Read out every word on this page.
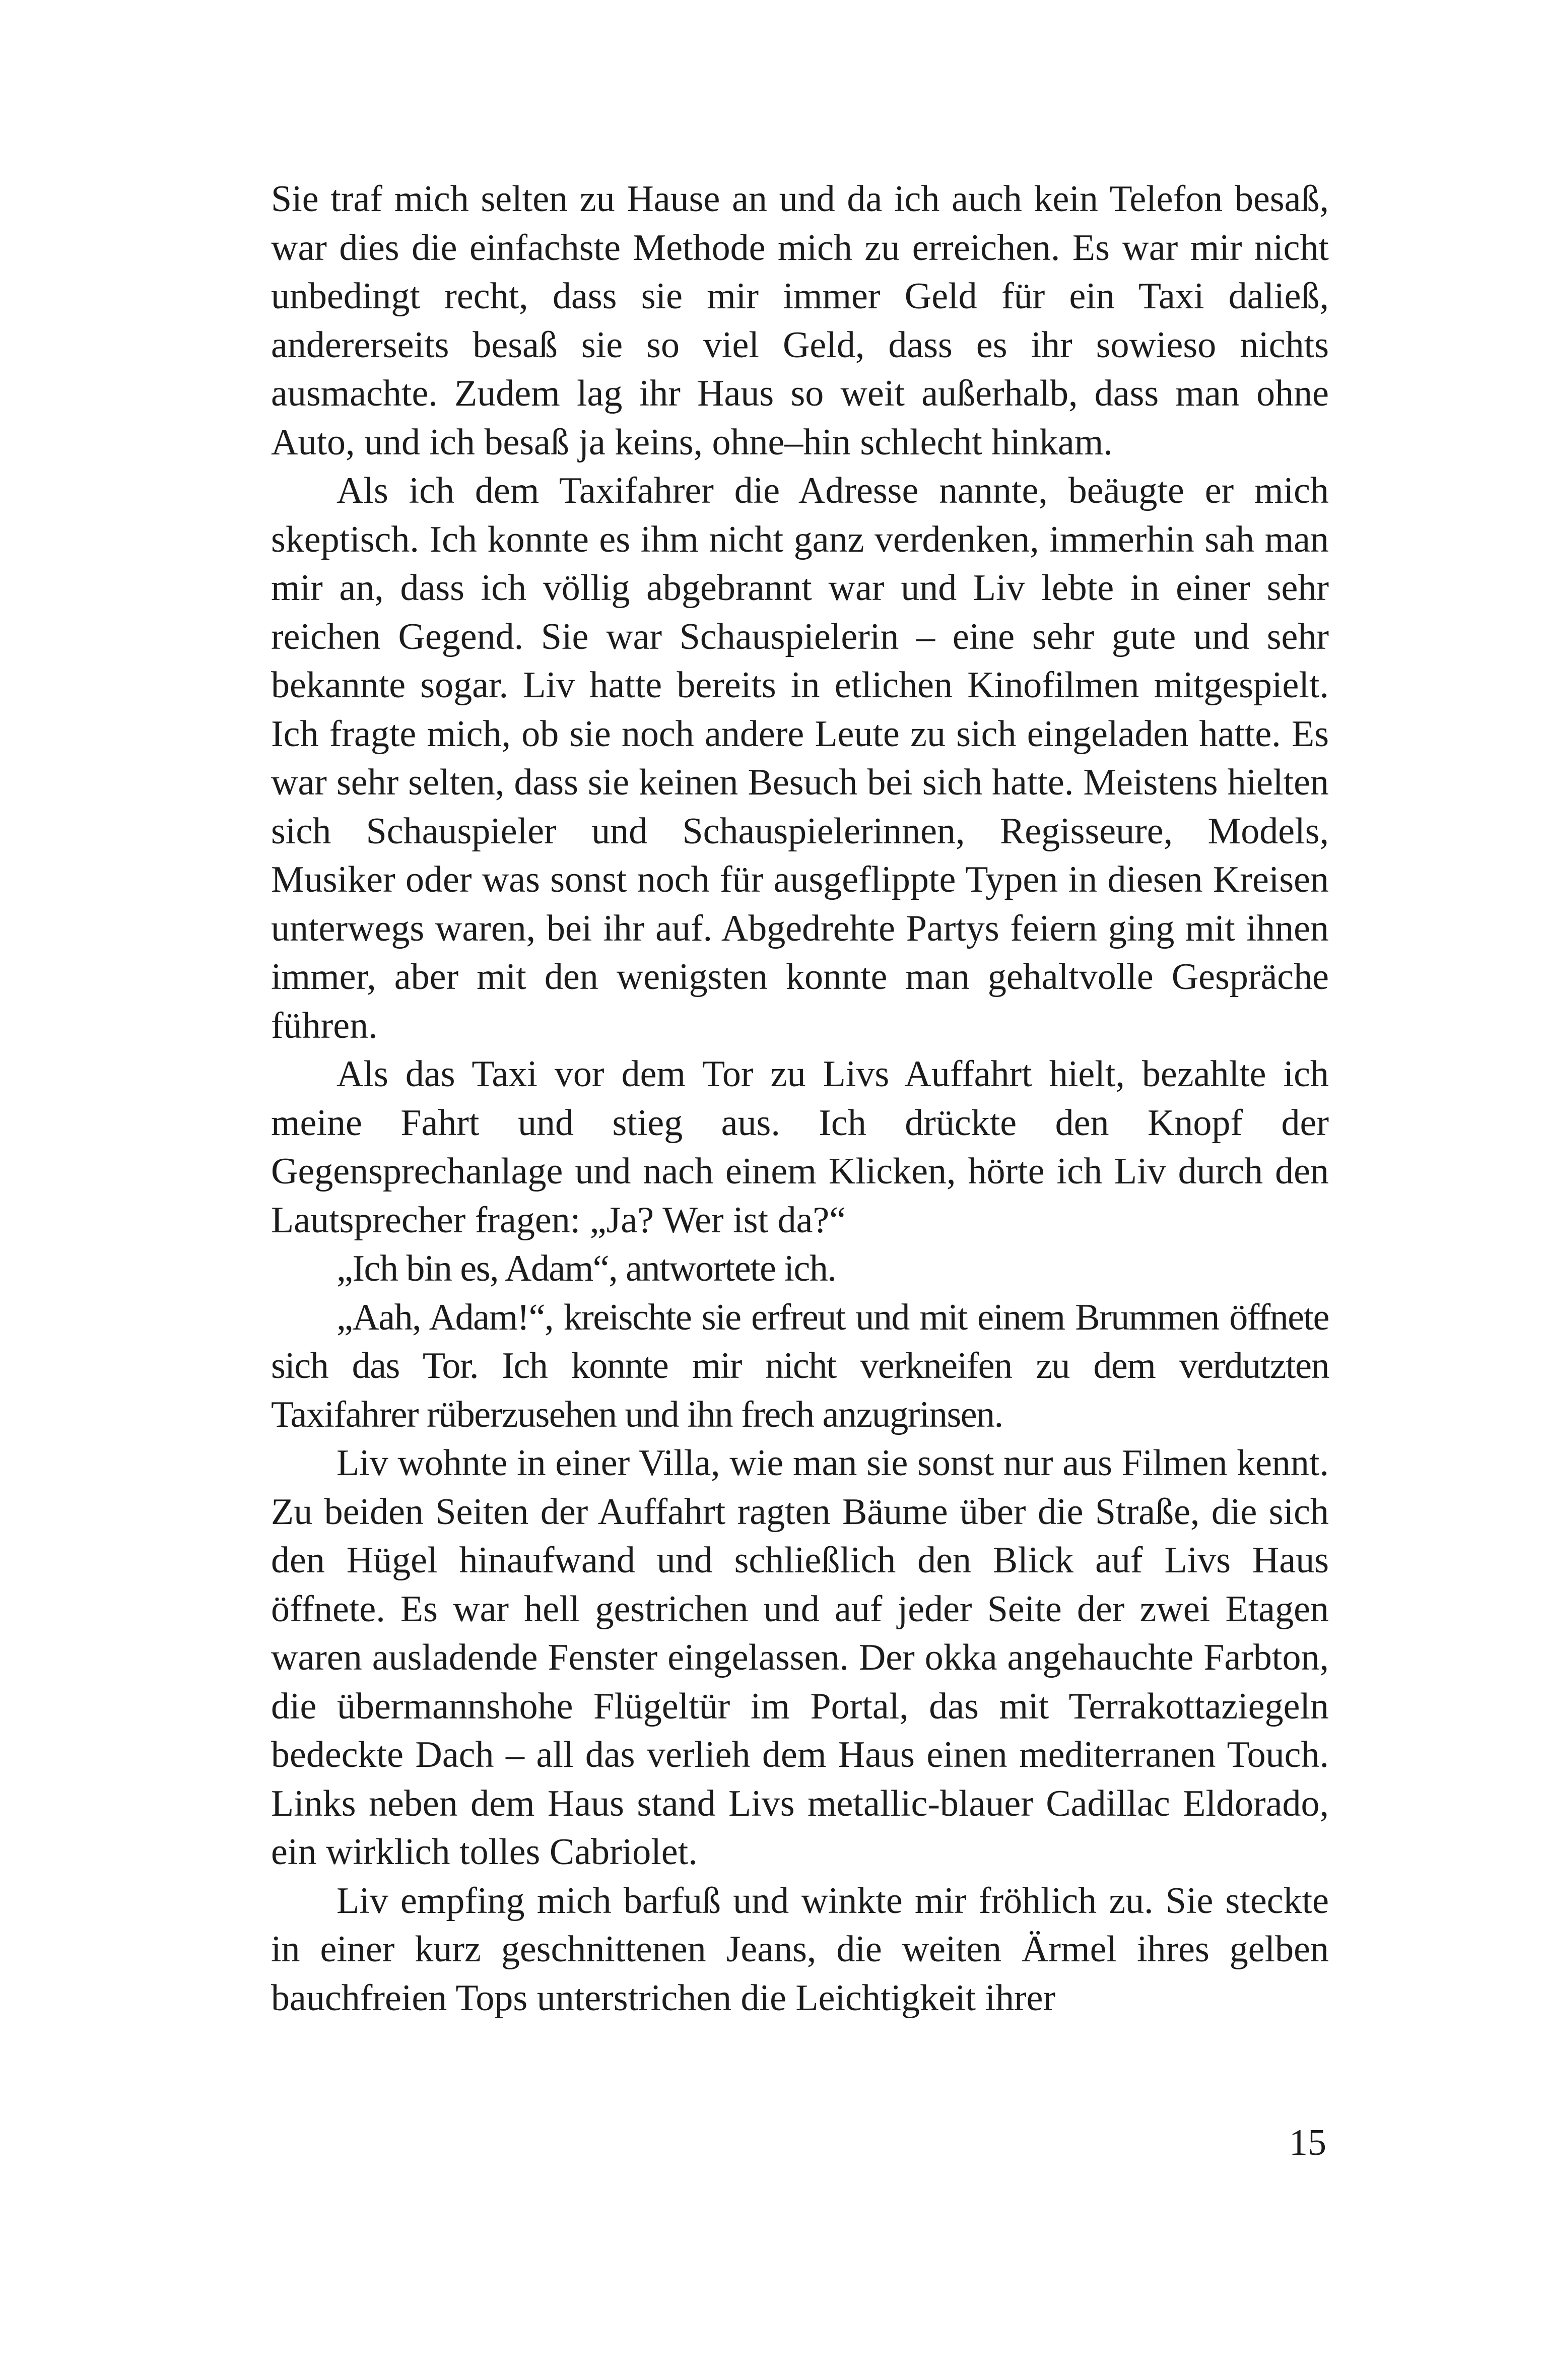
Sie traf mich selten zu Hause an und da ich auch kein Telefon besaß, war dies die einfachste Methode mich zu erreichen. Es war mir nicht unbedingt recht, dass sie mir immer Geld für ein Taxi daließ, andererseits besaß sie so viel Geld, dass es ihr sowieso nichts ausmachte. Zudem lag ihr Haus so weit außerhalb, dass man ohne Auto, und ich besaß ja keins, ohne–hin schlecht hinkam.

Als ich dem Taxifahrer die Adresse nannte, beäugte er mich skeptisch. Ich konnte es ihm nicht ganz verdenken, immerhin sah man mir an, dass ich völlig abgebrannt war und Liv lebte in einer sehr reichen Gegend. Sie war Schauspielerin – eine sehr gute und sehr bekannte sogar. Liv hatte bereits in etlichen Kinofilmen mitgespielt. Ich fragte mich, ob sie noch andere Leute zu sich eingeladen hatte. Es war sehr selten, dass sie keinen Besuch bei sich hatte. Meistens hielten sich Schauspieler und Schauspielerinnen, Regisseure, Models, Musiker oder was sonst noch für ausgeflippte Typen in diesen Kreisen unterwegs waren, bei ihr auf. Abgedrehte Partys feiern ging mit ihnen immer, aber mit den wenigsten konnte man gehaltvolle Gespräche führen.

Als das Taxi vor dem Tor zu Livs Auffahrt hielt, bezahlte ich meine Fahrt und stieg aus. Ich drückte den Knopf der Gegensprechanlage und nach einem Klicken, hörte ich Liv durch den Lautsprecher fragen: „Ja? Wer ist da?“

„Ich bin es, Adam“, antwortete ich.

„Aah, Adam!“, kreischte sie erfreut und mit einem Brummen öffnete sich das Tor. Ich konnte mir nicht verkneifen zu dem verdutzten Taxifahrer rüberzusehen und ihn frech anzugrinsen.

Liv wohnte in einer Villa, wie man sie sonst nur aus Filmen kennt. Zu beiden Seiten der Auffahrt ragten Bäume über die Straße, die sich den Hügel hinaufwand und schließlich den Blick auf Livs Haus öffnete. Es war hell gestrichen und auf jeder Seite der zwei Etagen waren ausladende Fenster eingelassen. Der okka angehauchte Farbton, die übermannshohe Flügeltür im Portal, das mit Terrakottaziegeln bedeckte Dach – all das verlieh dem Haus einen mediterranen Touch. Links neben dem Haus stand Livs metallic-blauer Cadillac Eldorado, ein wirklich tolles Cabriolet.

Liv empfing mich barfuß und winkte mir fröhlich zu. Sie steckte in einer kurz geschnittenen Jeans, die weiten Ärmel ihres gelben bauchfreien Tops unterstrichen die Leichtigkeit ihrer

15
